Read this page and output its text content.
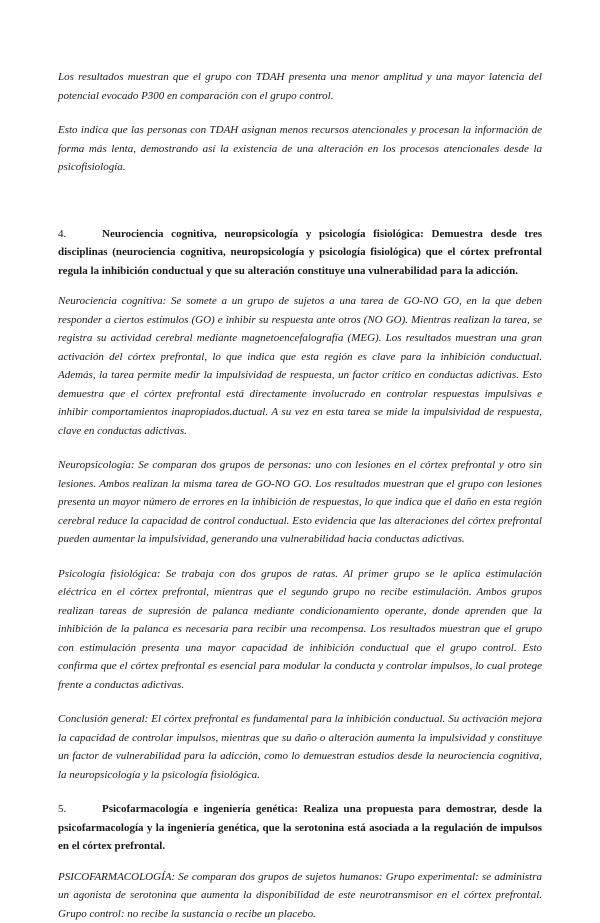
Los resultados muestran que el grupo con TDAH presenta una menor amplitud y una mayor latencia del potencial evocado P300 en comparación con el grupo control.

Esto indica que las personas con TDAH asignan menos recursos atencionales y procesan la información de forma más lenta, demostrando así la existencia de una alteración en los procesos atencionales desde la psicofisiología.

4.	Neurociencia cognitiva, neuropsicología y psicología fisiológica: Demuestra desde tres disciplinas (neurociencia cognitiva, neuropsicología y psicología fisiológica) que el córtex prefrontal regula la inhibición conductual y que su alteración constituye una vulnerabilidad para la adicción.

Neurociencia cognitiva: Se somete a un grupo de sujetos a una tarea de GO-NO GO, en la que deben responder a ciertos estímulos (GO) e inhibir su respuesta ante otros (NO GO). Mientras realizan la tarea, se registra su actividad cerebral mediante magnetoencefalografía (MEG). Los resultados muestran una gran activación del córtex prefrontal, lo que indica que esta región es clave para la inhibición conductual. Además, la tarea permite medir la impulsividad de respuesta, un factor crítico en conductas adictivas. Esto demuestra que el córtex prefrontal está directamente involucrado en controlar respuestas impulsivas e inhibir comportamientos inapropiados.ductual. A su vez en esta tarea se mide la impulsividad de respuesta, clave en conductas adictivas.

Neuropsicología: Se comparan dos grupos de personas: uno con lesiones en el córtex prefrontal y otro sin lesiones. Ambos realizan la misma tarea de GO-NO GO. Los resultados muestran que el grupo con lesiones presenta un mayor número de errores en la inhibición de respuestas, lo que indica que el daño en esta región cerebral reduce la capacidad de control conductual. Esto evidencia que las alteraciones del córtex prefrontal pueden aumentar la impulsividad, generando una vulnerabilidad hacia conductas adictivas.

Psicología fisiológica: Se trabaja con dos grupos de ratas. Al primer grupo se le aplica estimulación eléctrica en el córtex prefrontal, mientras que el segundo grupo no recibe estimulación. Ambos grupos realizan tareas de supresión de palanca mediante condicionamiento operante, donde aprenden que la inhibición de la palanca es necesaria para recibir una recompensa. Los resultados muestran que el grupo con estimulación presenta una mayor capacidad de inhibición conductual que el grupo control. Esto confirma que el córtex prefrontal es esencial para modular la conducta y controlar impulsos, lo cual protege frente a conductas adictivas.

Conclusión general: El córtex prefrontal es fundamental para la inhibición conductual. Su activación mejora la capacidad de controlar impulsos, mientras que su daño o alteración aumenta la impulsividad y constituye un factor de vulnerabilidad para la adicción, como lo demuestran estudios desde la neurociencia cognitiva, la neuropsicología y la psicología fisiológica.

5.	Psicofarmacología e ingeniería genética: Realiza una propuesta para demostrar, desde la psicofarmacología y la ingeniería genética, que la serotonina está asociada a la regulación de impulsos en el córtex prefrontal.

PSICOFARMACOLOGÍA: Se comparan dos grupos de sujetos humanos: Grupo experimental: se administra un agonista de serotonina que aumenta la disponibilidad de este neurotransmisor en el córtex prefrontal. Grupo control: no recibe la sustancia o recibe un placebo.
